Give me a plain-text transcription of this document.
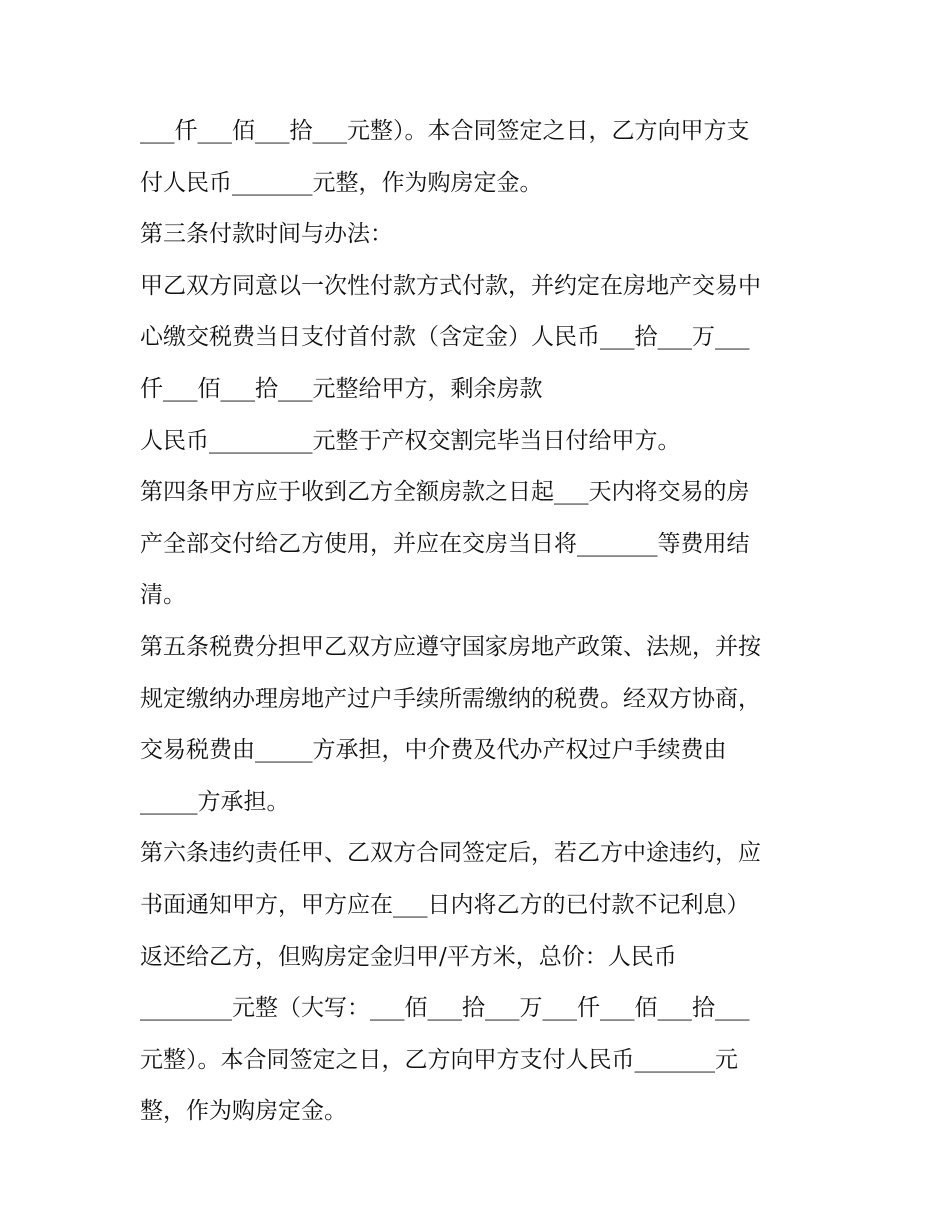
___仟___佰___拾___元整）。本合同签定之日，乙方向甲方支
付人民币_______元整，作为购房定金。
第三条付款时间与办法：
甲乙双方同意以一次性付款方式付款，并约定在房地产交易中
心缴交税费当日支付首付款（含定金）人民币___拾___万___
仟___佰___拾___元整给甲方，剩余房款
人民币_________元整于产权交割完毕当日付给甲方。
第四条甲方应于收到乙方全额房款之日起___天内将交易的房
产全部交付给乙方使用，并应在交房当日将_______等费用结
清。
第五条税费分担甲乙双方应遵守国家房地产政策、法规，并按
规定缴纳办理房地产过户手续所需缴纳的税费。经双方协商，
交易税费由_____方承担，中介费及代办产权过户手续费由
_____方承担。
第六条违约责任甲、乙双方合同签定后，若乙方中途违约，应
书面通知甲方，甲方应在___日内将乙方的已付款不记利息）
返还给乙方，但购房定金归甲/平方米，总价：人民币
________元整（大写：___佰___拾___万___仟___佰___拾___
元整）。本合同签定之日，乙方向甲方支付人民币_______元
整，作为购房定金。
